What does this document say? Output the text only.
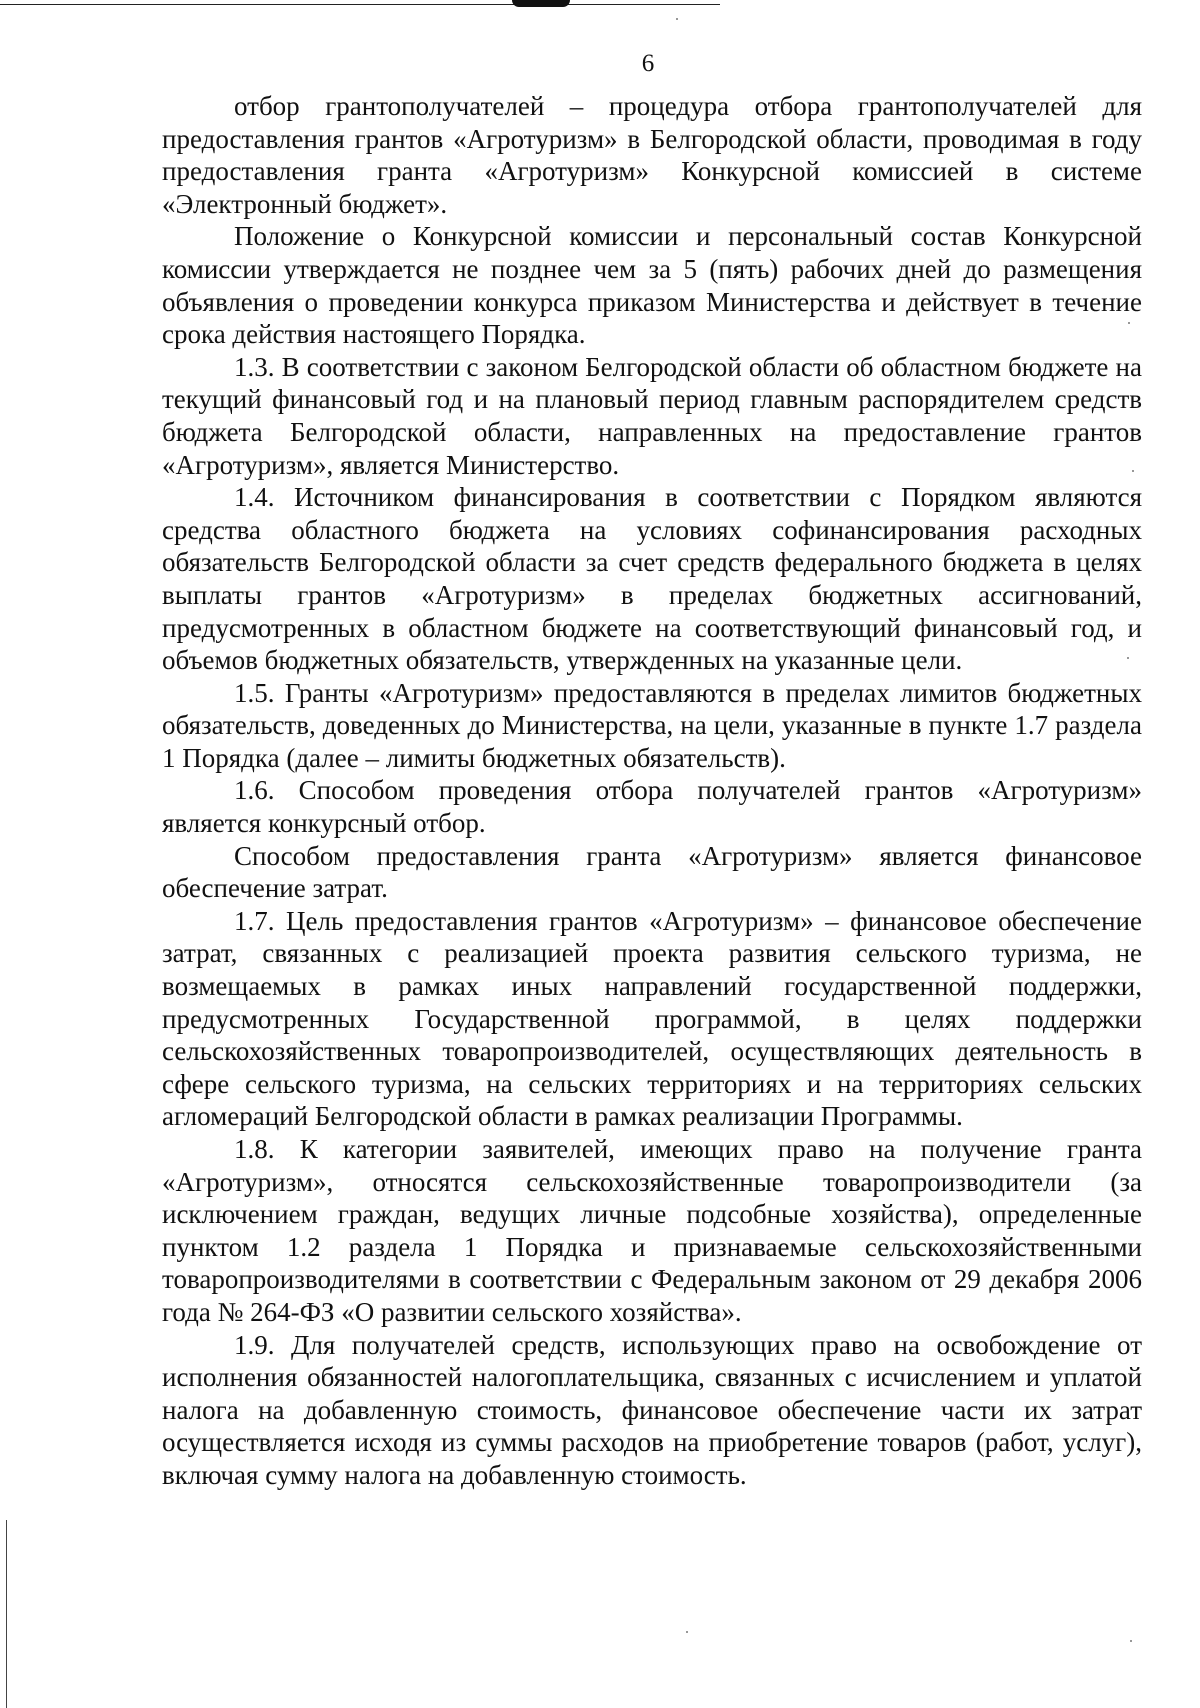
6

отбор грантополучателей – процедура отбора грантополучателей для предоставления грантов «Агротуризм» в Белгородской области, проводимая в году предоставления гранта «Агротуризм» Конкурсной комиссией в системе «Электронный бюджет».

Положение о Конкурсной комиссии и персональный состав Конкурсной комиссии утверждается не позднее чем за 5 (пять) рабочих дней до размещения объявления о проведении конкурса приказом Министерства и действует в течение срока действия настоящего Порядка.

1.3. В соответствии с законом Белгородской области об областном бюджете на текущий финансовый год и на плановый период главным распорядителем средств бюджета Белгородской области, направленных на предоставление грантов «Агротуризм», является Министерство.

1.4. Источником финансирования в соответствии с Порядком являются средства областного бюджета на условиях софинансирования расходных обязательств Белгородской области за счет средств федерального бюджета в целях выплаты грантов «Агротуризм» в пределах бюджетных ассигнований, предусмотренных в областном бюджете на соответствующий финансовый год, и объемов бюджетных обязательств, утвержденных на указанные цели.

1.5. Гранты «Агротуризм» предоставляются в пределах лимитов бюджетных обязательств, доведенных до Министерства, на цели, указанные в пункте 1.7 раздела 1 Порядка (далее – лимиты бюджетных обязательств).

1.6. Способом проведения отбора получателей грантов «Агротуризм» является конкурсный отбор.

Способом предоставления гранта «Агротуризм» является финансовое обеспечение затрат.

1.7. Цель предоставления грантов «Агротуризм» – финансовое обеспечение затрат, связанных с реализацией проекта развития сельского туризма, не возмещаемых в рамках иных направлений государственной поддержки, предусмотренных Государственной программой, в целях поддержки сельскохозяйственных товаропроизводителей, осуществляющих деятельность в сфере сельского туризма, на сельских территориях и на территориях сельских агломераций Белгородской области в рамках реализации Программы.

1.8. К категории заявителей, имеющих право на получение гранта «Агротуризм», относятся сельскохозяйственные товаропроизводители (за исключением граждан, ведущих личные подсобные хозяйства), определенные пунктом 1.2 раздела 1 Порядка и признаваемые сельскохозяйственными товаропроизводителями в соответствии с Федеральным законом от 29 декабря 2006 года № 264-ФЗ «О развитии сельского хозяйства».

1.9. Для получателей средств, использующих право на освобождение от исполнения обязанностей налогоплательщика, связанных с исчислением и уплатой налога на добавленную стоимость, финансовое обеспечение части их затрат осуществляется исходя из суммы расходов на приобретение товаров (работ, услуг), включая сумму налога на добавленную стоимость.
